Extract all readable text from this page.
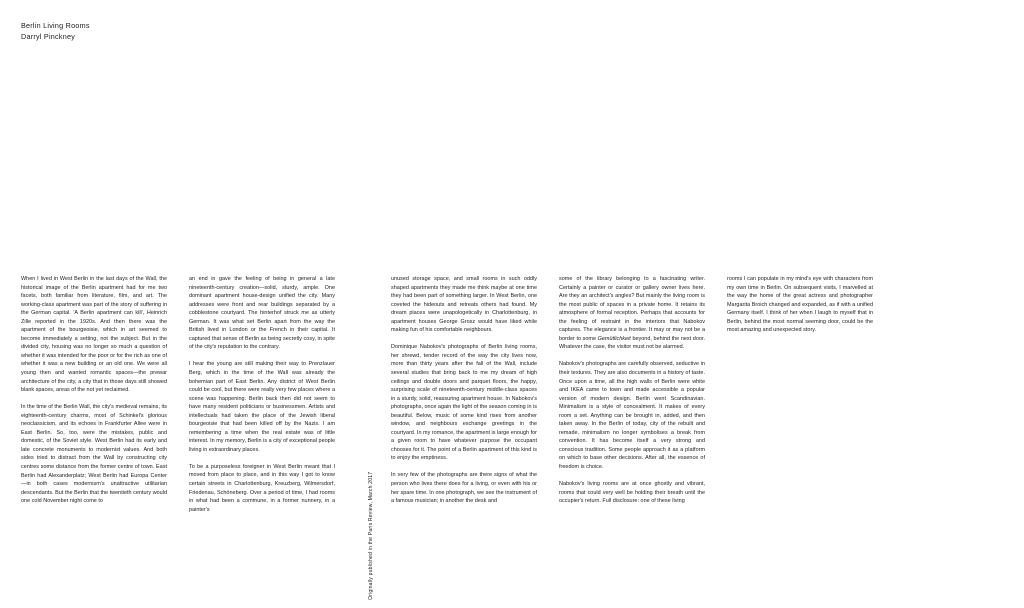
Berlin Living Rooms
Darryl Pinckney

When I lived in West Berlin in the last days of the Wall, the historical image of the Berlin apartment had for me two facets, both familiar from literature, film, and art. The working-class apartment was part of the story of suffering in the German capital. 'A Berlin apartment can kill', Heinrich Zille reported in the 1920s. And then there was the apartment of the bourgeoisie, which in art seemed to become immediately a setting, not the subject. But in the divided city, housing was no longer so much a question of whether it was intended for the poor or for the rich as one of whether it was a new building or an old one. We were all young then and wanted romantic spaces—the prewar architecture of the city, a city that in those days still showed blank spaces, areas of the not yet reclaimed.

In the time of the Berlin Wall, the city's medieval remains, its eighteenth-century charms, most of Schinkel's glorious neoclassicism, and its echoes in Frankfurter Allee were in East Berlin. So, too, were the mistakes, public and domestic, of the Soviet style. West Berlin had its early and late concrete monuments to modernist values. And both sides tried to distract from the Wall by constructing city centres some distance from the former centre of town. East Berlin had Alexanderplatz; West Berlin had Europa Center—in both cases modernism's unattractive utilitarian descendants. But the Berlin that the twentieth century would one cold November night come to

an end in gave the feeling of being in general a late nineteenth-century creation—solid, sturdy, ample. One dominant apartment house-design unified the city. Many addresses were front and rear buildings separated by a cobblestone courtyard. The hinterhof struck me as utterly German. It was what set Berlin apart from the way the British lived in London or the French in their capital. It captured that sense of Berlin as being secretly cosy, in spite of the city's reputation to the contrary.

I hear the young are still making their way to Prenzlauer Berg, which in the time of the Wall was already the bohemian part of East Berlin. Any district of West Berlin could be cool, but there were really very few places where a scene was happening. Berlin back then did not seem to have many resident politicians or businessmen. Artists and intellectuals had taken the place of the Jewish liberal bourgeoisie that had been killed off by the Nazis. I am remembering a time when the real estate was of little interest. In my memory, Berlin is a city of exceptional people living in extraordinary places.

To be a purposeless foreigner in West Berlin meant that I moved from place to place, and in this way I got to know certain streets in Charlottenburg, Kreuzberg, Wilmersdorf, Friedenau, Schöneberg. Over a period of time, I had rooms in what had been a commune, in a former nunnery, in a painter's	Originally published in the Paris Review, March 2017

unused storage space, and small rooms in such oddly shaped apartments they made me think maybe at one time they had been part of something larger. In West Berlin, one coveted the hideouts and retreats others had found. My dream places were unapologetically in Charlottenburg, in apartment houses George Grosz would have liked while making fun of his comfortable neighbours.

Dominique Nabokov's photographs of Berlin living rooms, her shrewd, tender record of the way the city lives now, more than thirty years after the fall of the Wall, include several studies that bring back to me my dream of high ceilings and double doors and parquet floors, the happy, surprising scale of nineteenth-century middle-class spaces in a sturdy, solid, reassuring apartment house. In Nabokov's photographs, once again the light of the season coming in is beautiful. Below, music of some kind rises from another window, and neighbours exchange greetings in the courtyard. In my romance, the apartment is large enough for a given room to have whatever purpose the occupant chooses for it. The point of a Berlin apartment of this kind is to enjoy the emptiness.

In very few of the photographs are there signs of what the person who lives there does for a living, or even with his or her spare time. In one photograph, we see the instrument of a famous musician; in another the desk and

some of the library belonging to a fascinating writer. Certainly a painter or curator or gallery owner lives here. Are they an architect's angles? But mainly the living room is the most public of spaces in a private home. It retains its atmosphere of formal reception. Perhaps that accounts for the feeling of restraint in the interiors that Nabokov captures. The elegance is a frontier. It may or may not be a border to some Gemütlichkeit beyond, behind the next door. Whatever the case, the visitor must not be alarmed.

Nabokov's photographs are carefully observed, seductive in their textures. They are also documents in a history of taste. Once upon a time, all the high walls of Berlin were white and IKEA came to town and made accessible a popular version of modern design. Berlin went Scandinavian. Minimalism is a style of concealment. It makes of every room a set. Anything can be brought in, added, and then taken away. In the Berlin of today, city of the rebuilt and remade, minimalism no longer symbolises a break from convention. It has become itself a very strong and conscious tradition. Some people approach it as a platform on which to base other decisions. After all, the essence of freedom is choice.

Nabokov's living rooms are at once ghostly and vibrant, rooms that could very well be holding their breath until the occupier's return. Full disclosure: one of these living

rooms I can populate in my mind's eye with characters from my own time in Berlin. On subsequent visits, I marvelled at the way the home of the great actress and photographer Margarita Broich changed and expanded, as if with a unified Germany itself. I think of her when I laugh to myself that in Berlin, behind the most normal seeming door, could be the most amazing and unexpected story.
